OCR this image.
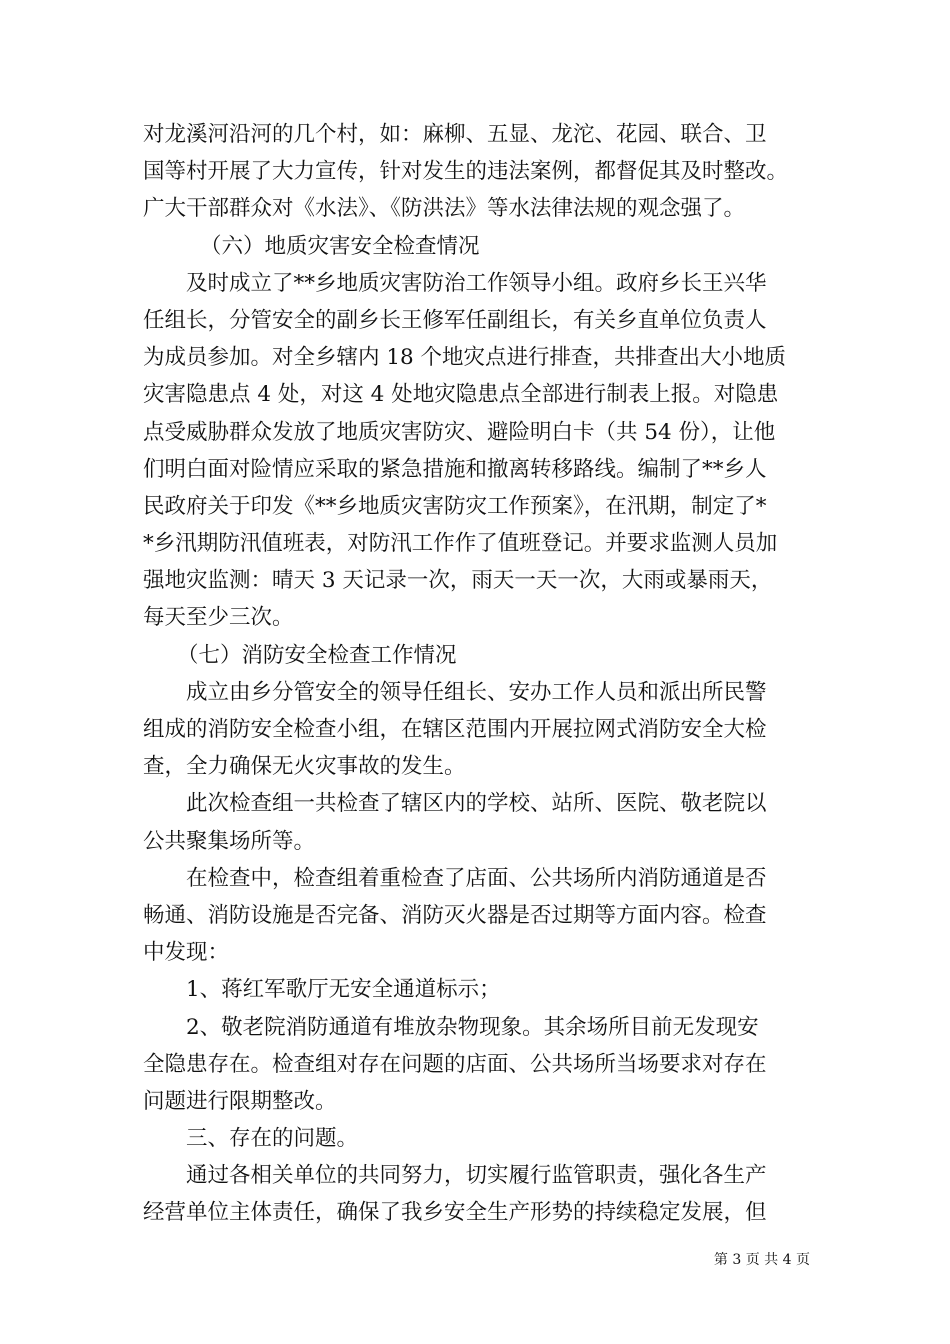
对龙溪河沿河的几个村，如：麻柳、五显、龙沱、花园、联合、卫
国等村开展了大力宣传，针对发生的违法案例，都督促其及时整改。
广大干部群众对《水法》、《防洪法》等水法律法规的观念强了。
（六）地质灾害安全检查情况
及时成立了**乡地质灾害防治工作领导小组。政府乡长王兴华
任组长，分管安全的副乡长王修军任副组长，有关乡直单位负责人
为成员参加。对全乡辖内 18 个地灾点进行排查，共排查出大小地质
灾害隐患点 4 处，对这 4 处地灾隐患点全部进行制表上报。对隐患
点受威胁群众发放了地质灾害防灾、避险明白卡（共 54 份），让他
们明白面对险情应采取的紧急措施和撤离转移路线。编制了**乡人
民政府关于印发《**乡地质灾害防灾工作预案》，在汛期，制定了*
*乡汛期防汛值班表，对防汛工作作了值班登记。并要求监测人员加
强地灾监测：晴天 3 天记录一次，雨天一天一次，大雨或暴雨天，
每天至少三次。
（七）消防安全检查工作情况
成立由乡分管安全的领导任组长、安办工作人员和派出所民警
组成的消防安全检查小组，在辖区范围内开展拉网式消防安全大检
查，全力确保无火灾事故的发生。
此次检查组一共检查了辖区内的学校、站所、医院、敬老院以
公共聚集场所等。
在检查中，检查组着重检查了店面、公共场所内消防通道是否
畅通、消防设施是否完备、消防灭火器是否过期等方面内容。检查
中发现：
1、蒋红军歌厅无安全通道标示；
2、敬老院消防通道有堆放杂物现象。其余场所目前无发现安
全隐患存在。检查组对存在问题的店面、公共场所当场要求对存在
问题进行限期整改。
三、存在的问题。
通过各相关单位的共同努力，切实履行监管职责，强化各生产
经营单位主体责任，确保了我乡安全生产形势的持续稳定发展，但
第 3 页 共 4 页
